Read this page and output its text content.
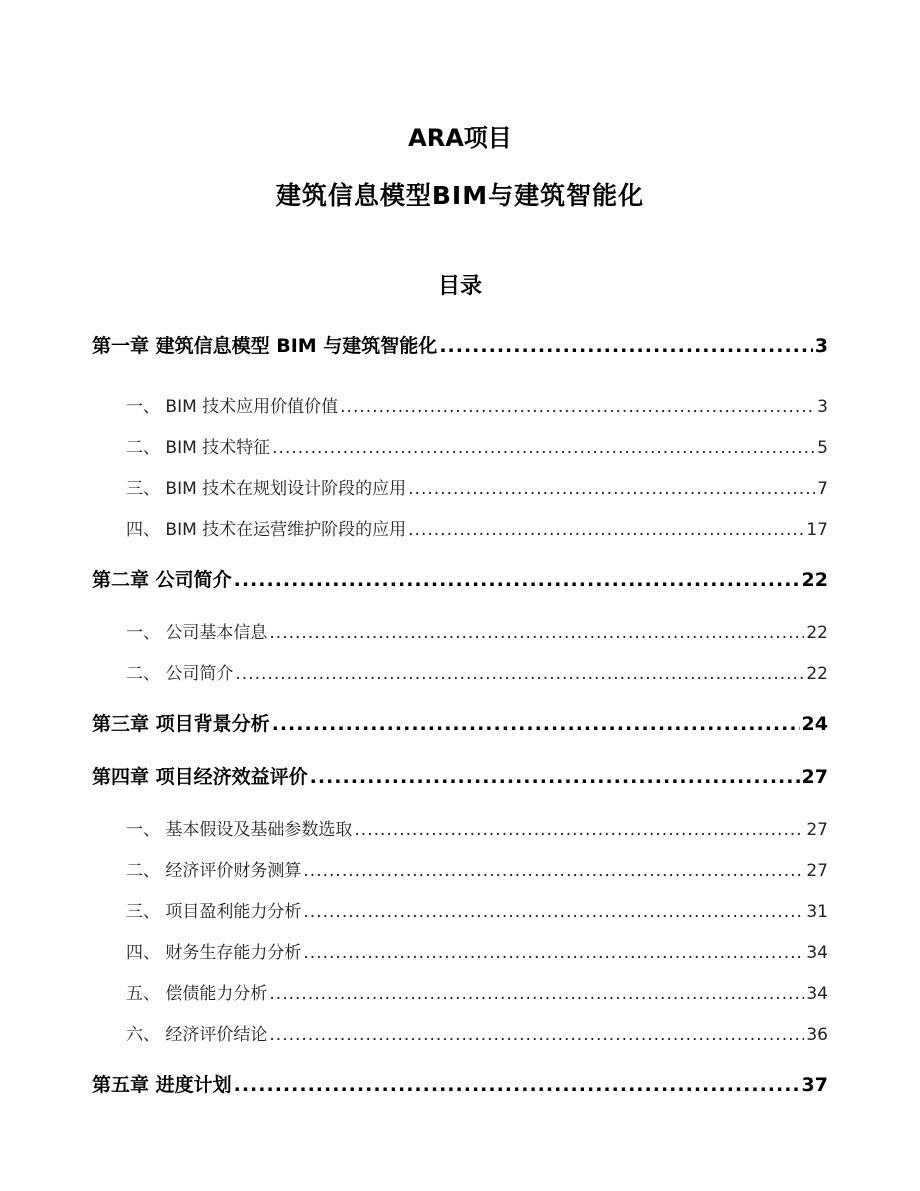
ARA项目
建筑信息模型BIM与建筑智能化
目录
第一章 建筑信息模型 BIM 与建筑智能化 .....	3
一、 BIM 技术应用价值价值 .....	3
二、 BIM 技术特征 .....	5
三、 BIM 技术在规划设计阶段的应用 .....	7
四、 BIM 技术在运营维护阶段的应用 .....	17
第二章 公司简介 .....	22
一、 公司基本信息 .....	22
二、 公司简介 .....	22
第三章 项目背景分析 .....	24
第四章 项目经济效益评价 .....	27
一、 基本假设及基础参数选取 .....	27
二、 经济评价财务测算 .....	27
三、 项目盈利能力分析 .....	31
四、 财务生存能力分析 .....	34
五、 偿债能力分析 .....	34
六、 经济评价结论 .....	36
第五章 进度计划 .....	37
